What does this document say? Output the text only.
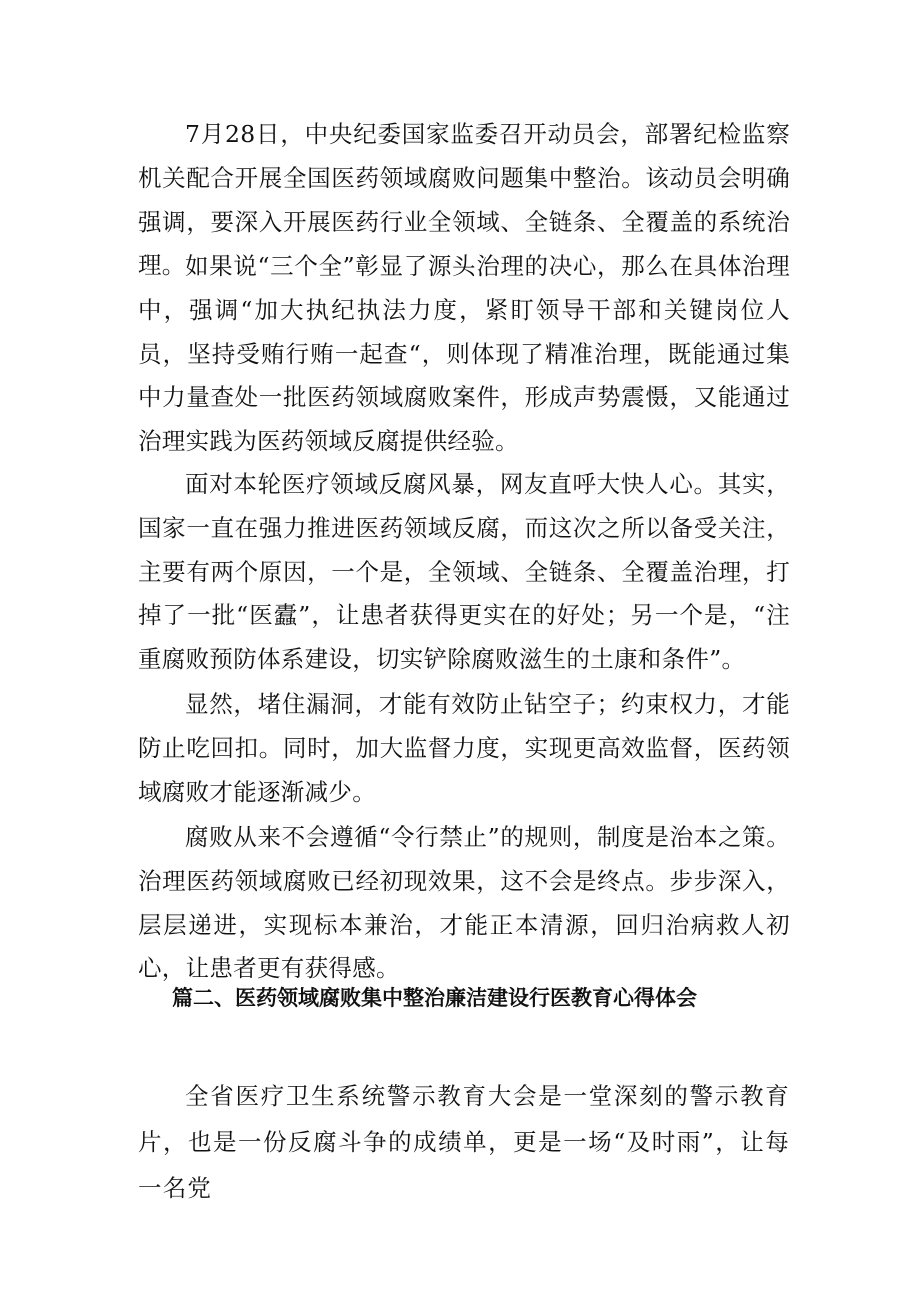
7月28日，中央纪委国家监委召开动员会，部署纪检监察机关配合开展全国医药领域腐败问题集中整治。该动员会明确强调，要深入开展医药行业全领域、全链条、全覆盖的系统治理。 如果说“三个全”彰显了源头治理的决心，那么在具体治理中，强调“加大执纪执法力度，紧盯领导干部和关键岗位人员，坚持受贿行贿一起查“，则体现了精准治理，既能通过集中力量查处一批医药领域腐败案件，形成声势震慑，又能通过治理实践为医药领域反腐提供经验。

面对本轮医疗领域反腐风暴，网友直呼大快人心。其实，国家一直在强力推进医药领域反腐，而这次之所以备受关注，主要有两个原因，一个是，全领域、全链条、全覆盖治理，打掉了一批“医蠹”，让患者获得更实在的好处；另一个是，“注重腐败预防体系建设，切实铲除腐败滋生的土康和条件”。

显然，堵住漏洞，才能有效防止钻空子；约束权力，才能防止吃回扣。同时，加大监督力度，实现更高效监督，医药领域腐败才能逐渐减少。

腐败从来不会遵循“令行禁止”的规则，制度是治本之策。治理医药领域腐败已经初现效果，这不会是终点。步步深入，层层递进，实现标本兼治，才能正本清源，回归治病救人初心，让患者更有获得感。

篇二、医药领域腐败集中整治廉洁建设行医教育心得体会

全省医疗卫生系统警示教育大会是一堂深刻的警示教育片，也是一份反腐斗争的成绩单，更是一场“及时雨”，让每一名党
